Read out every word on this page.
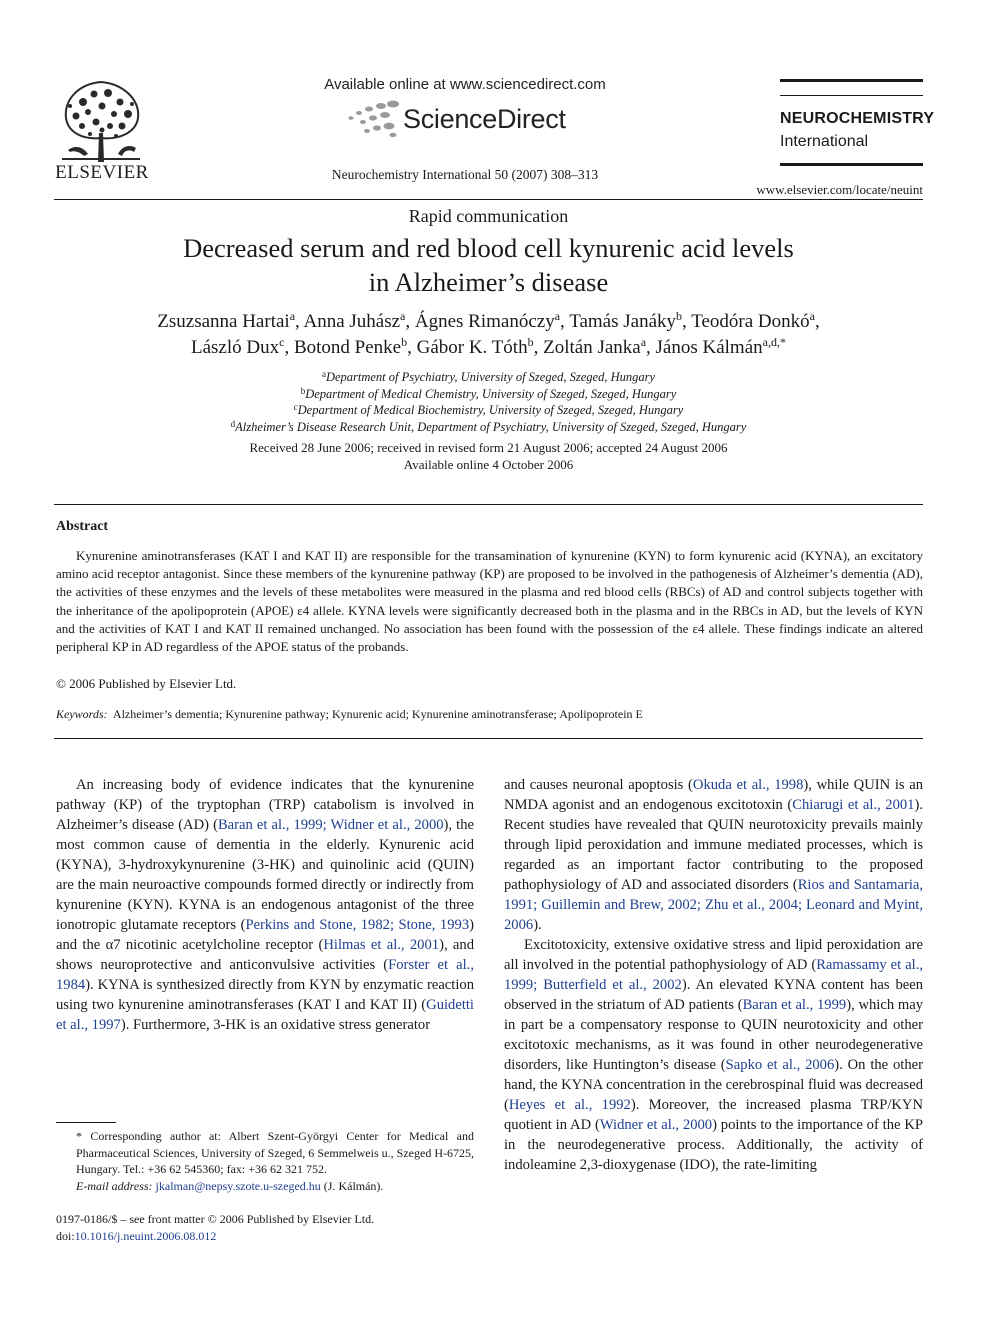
ELSEVIER
Available online at www.sciencedirect.com
ScienceDirect
Neurochemistry International 50 (2007) 308–313
NEUROCHEMISTRY
International
www.elsevier.com/locate/neuint
Rapid communication
Decreased serum and red blood cell kynurenic acid levels
in Alzheimer’s disease
Zsuzsanna Hartai$^a$, Anna Juhász$^a$, Ágnes Rimanóczy$^a$, Tamás Janáky$^b$, Teodóra Donkó$^a$,
László Dux$^c$, Botond Penke$^b$, Gábor K. Tóth$^b$, Zoltán Janka$^a$, János Kálmán$^{a,d,*}$
$^a$Department of Psychiatry, University of Szeged, Szeged, Hungary
$^b$Department of Medical Chemistry, University of Szeged, Szeged, Hungary
$^c$Department of Medical Biochemistry, University of Szeged, Szeged, Hungary
$^d$Alzheimer’s Disease Research Unit, Department of Psychiatry, University of Szeged, Szeged, Hungary
Received 28 June 2006; received in revised form 21 August 2006; accepted 24 August 2006
Available online 4 October 2006
Abstract
Kynurenine aminotransferases (KAT I and KAT II) are responsible for the transamination of kynurenine (KYN) to form kynurenic acid (KYNA), an excitatory amino acid receptor antagonist. Since these members of the kynurenine pathway (KP) are proposed to be involved in the pathogenesis of Alzheimer’s dementia (AD), the activities of these enzymes and the levels of these metabolites were measured in the plasma and red blood cells (RBCs) of AD and control subjects together with the inheritance of the apolipoprotein (APOE) ε4 allele. KYNA levels were significantly decreased both in the plasma and in the RBCs in AD, but the levels of KYN and the activities of KAT I and KAT II remained unchanged. No association has been found with the possession of the ε4 allele. These findings indicate an altered peripheral KP in AD regardless of the APOE status of the probands.
© 2006 Published by Elsevier Ltd.
Keywords: Alzheimer’s dementia; Kynurenine pathway; Kynurenic acid; Kynurenine aminotransferase; Apolipoprotein E

An increasing body of evidence indicates that the kynurenine pathway (KP) of the tryptophan (TRP) catabolism is involved in Alzheimer’s disease (AD) (Baran et al., 1999; Widner et al., 2000), the most common cause of dementia in the elderly. Kynurenic acid (KYNA), 3-hydroxykynurenine (3-HK) and quinolinic acid (QUIN) are the main neuroactive compounds formed directly or indirectly from kynurenine (KYN). KYNA is an endogenous antagonist of the three ionotropic glutamate receptors (Perkins and Stone, 1982; Stone, 1993) and the α7 nicotinic acetylcholine receptor (Hilmas et al., 2001), and shows neuroprotective and anticonvulsive activities (Forster et al., 1984). KYNA is synthesized directly from KYN by enzymatic reaction using two kynurenine aminotransferases (KAT I and KAT II) (Guidetti et al., 1997). Furthermore, 3-HK is an oxidative stress generator

and causes neuronal apoptosis (Okuda et al., 1998), while QUIN is an NMDA agonist and an endogenous excitotoxin (Chiarugi et al., 2001). Recent studies have revealed that QUIN neurotoxicity prevails mainly through lipid peroxidation and immune mediated processes, which is regarded as an important factor contributing to the proposed pathophysiology of AD and associated disorders (Rios and Santamaria, 1991; Guillemin and Brew, 2002; Zhu et al., 2004; Leonard and Myint, 2006).

Excitotoxicity, extensive oxidative stress and lipid peroxidation are all involved in the potential pathophysiology of AD (Ramassamy et al., 1999; Butterfield et al., 2002). An elevated KYNA content has been observed in the striatum of AD patients (Baran et al., 1999), which may in part be a compensatory response to QUIN neurotoxicity and other excitotoxic mechanisms, as it was found in other neurodegenerative disorders, like Huntington’s disease (Sapko et al., 2006). On the other hand, the KYNA concentration in the cerebrospinal fluid was decreased (Heyes et al., 1992). Moreover, the increased plasma TRP/KYN quotient in AD (Widner et al., 2000) points to the importance of the KP in the neurodegenerative process. Additionally, the activity of indoleamine 2,3-dioxygenase (IDO), the rate-limiting

* Corresponding author at: Albert Szent-Györgyi Center for Medical and Pharmaceutical Sciences, University of Szeged, 6 Semmelweis u., Szeged H-6725, Hungary. Tel.: +36 62 545360; fax: +36 62 321 752.
E-mail address: jkalman@nepsy.szote.u-szeged.hu (J. Kálmán).
0197-0186/$ – see front matter © 2006 Published by Elsevier Ltd.
doi:10.1016/j.neuint.2006.08.012
